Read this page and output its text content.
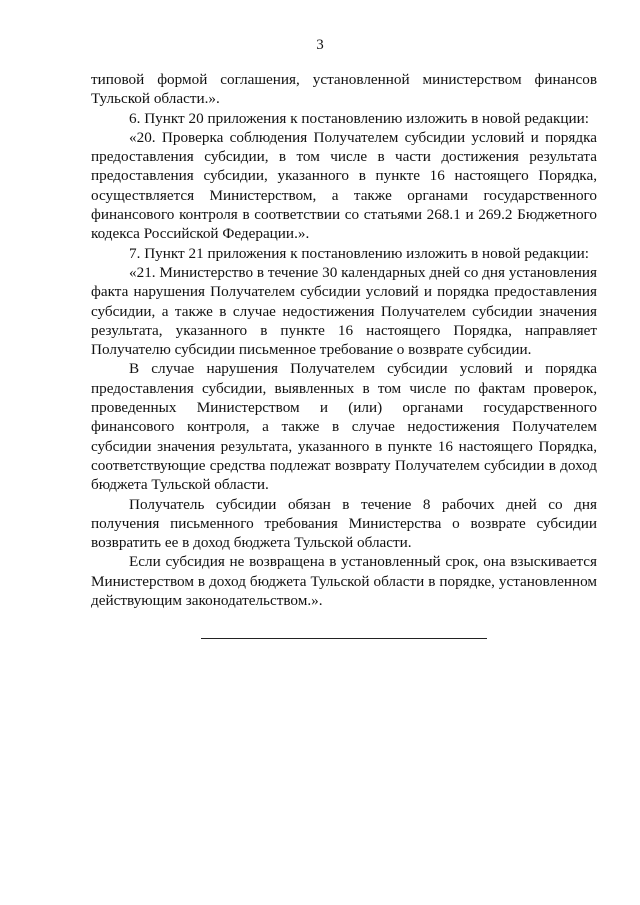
3

типовой формой соглашения, установленной министерством финансов Тульской области.».

6. Пункт 20 приложения к постановлению изложить в новой редакции:

«20. Проверка соблюдения Получателем субсидии условий и порядка предоставления субсидии, в том числе в части достижения результата предоставления субсидии, указанного в пункте 16 настоящего Порядка, осуществляется Министерством, а также органами государственного финансового контроля в соответствии со статьями 268.1 и 269.2 Бюджетного кодекса Российской Федерации.».

7. Пункт 21 приложения к постановлению изложить в новой редакции:

«21. Министерство в течение 30 календарных дней со дня установления факта нарушения Получателем субсидии условий и порядка предоставления субсидии, а также в случае недостижения Получателем субсидии значения результата, указанного в пункте 16 настоящего Порядка, направляет Получателю субсидии письменное требование о возврате субсидии.

В случае нарушения Получателем субсидии условий и порядка предоставления субсидии, выявленных в том числе по фактам проверок, проведенных Министерством и (или) органами государственного финансового контроля, а также в случае недостижения Получателем субсидии значения результата, указанного в пункте 16 настоящего Порядка, соответствующие средства подлежат возврату Получателем субсидии в доход бюджета Тульской области.

Получатель субсидии обязан в течение 8 рабочих дней со дня получения письменного требования Министерства о возврате субсидии возвратить ее в доход бюджета Тульской области.

Если субсидия не возвращена в установленный срок, она взыскивается Министерством в доход бюджета Тульской области в порядке, установленном действующим законодательством.».
